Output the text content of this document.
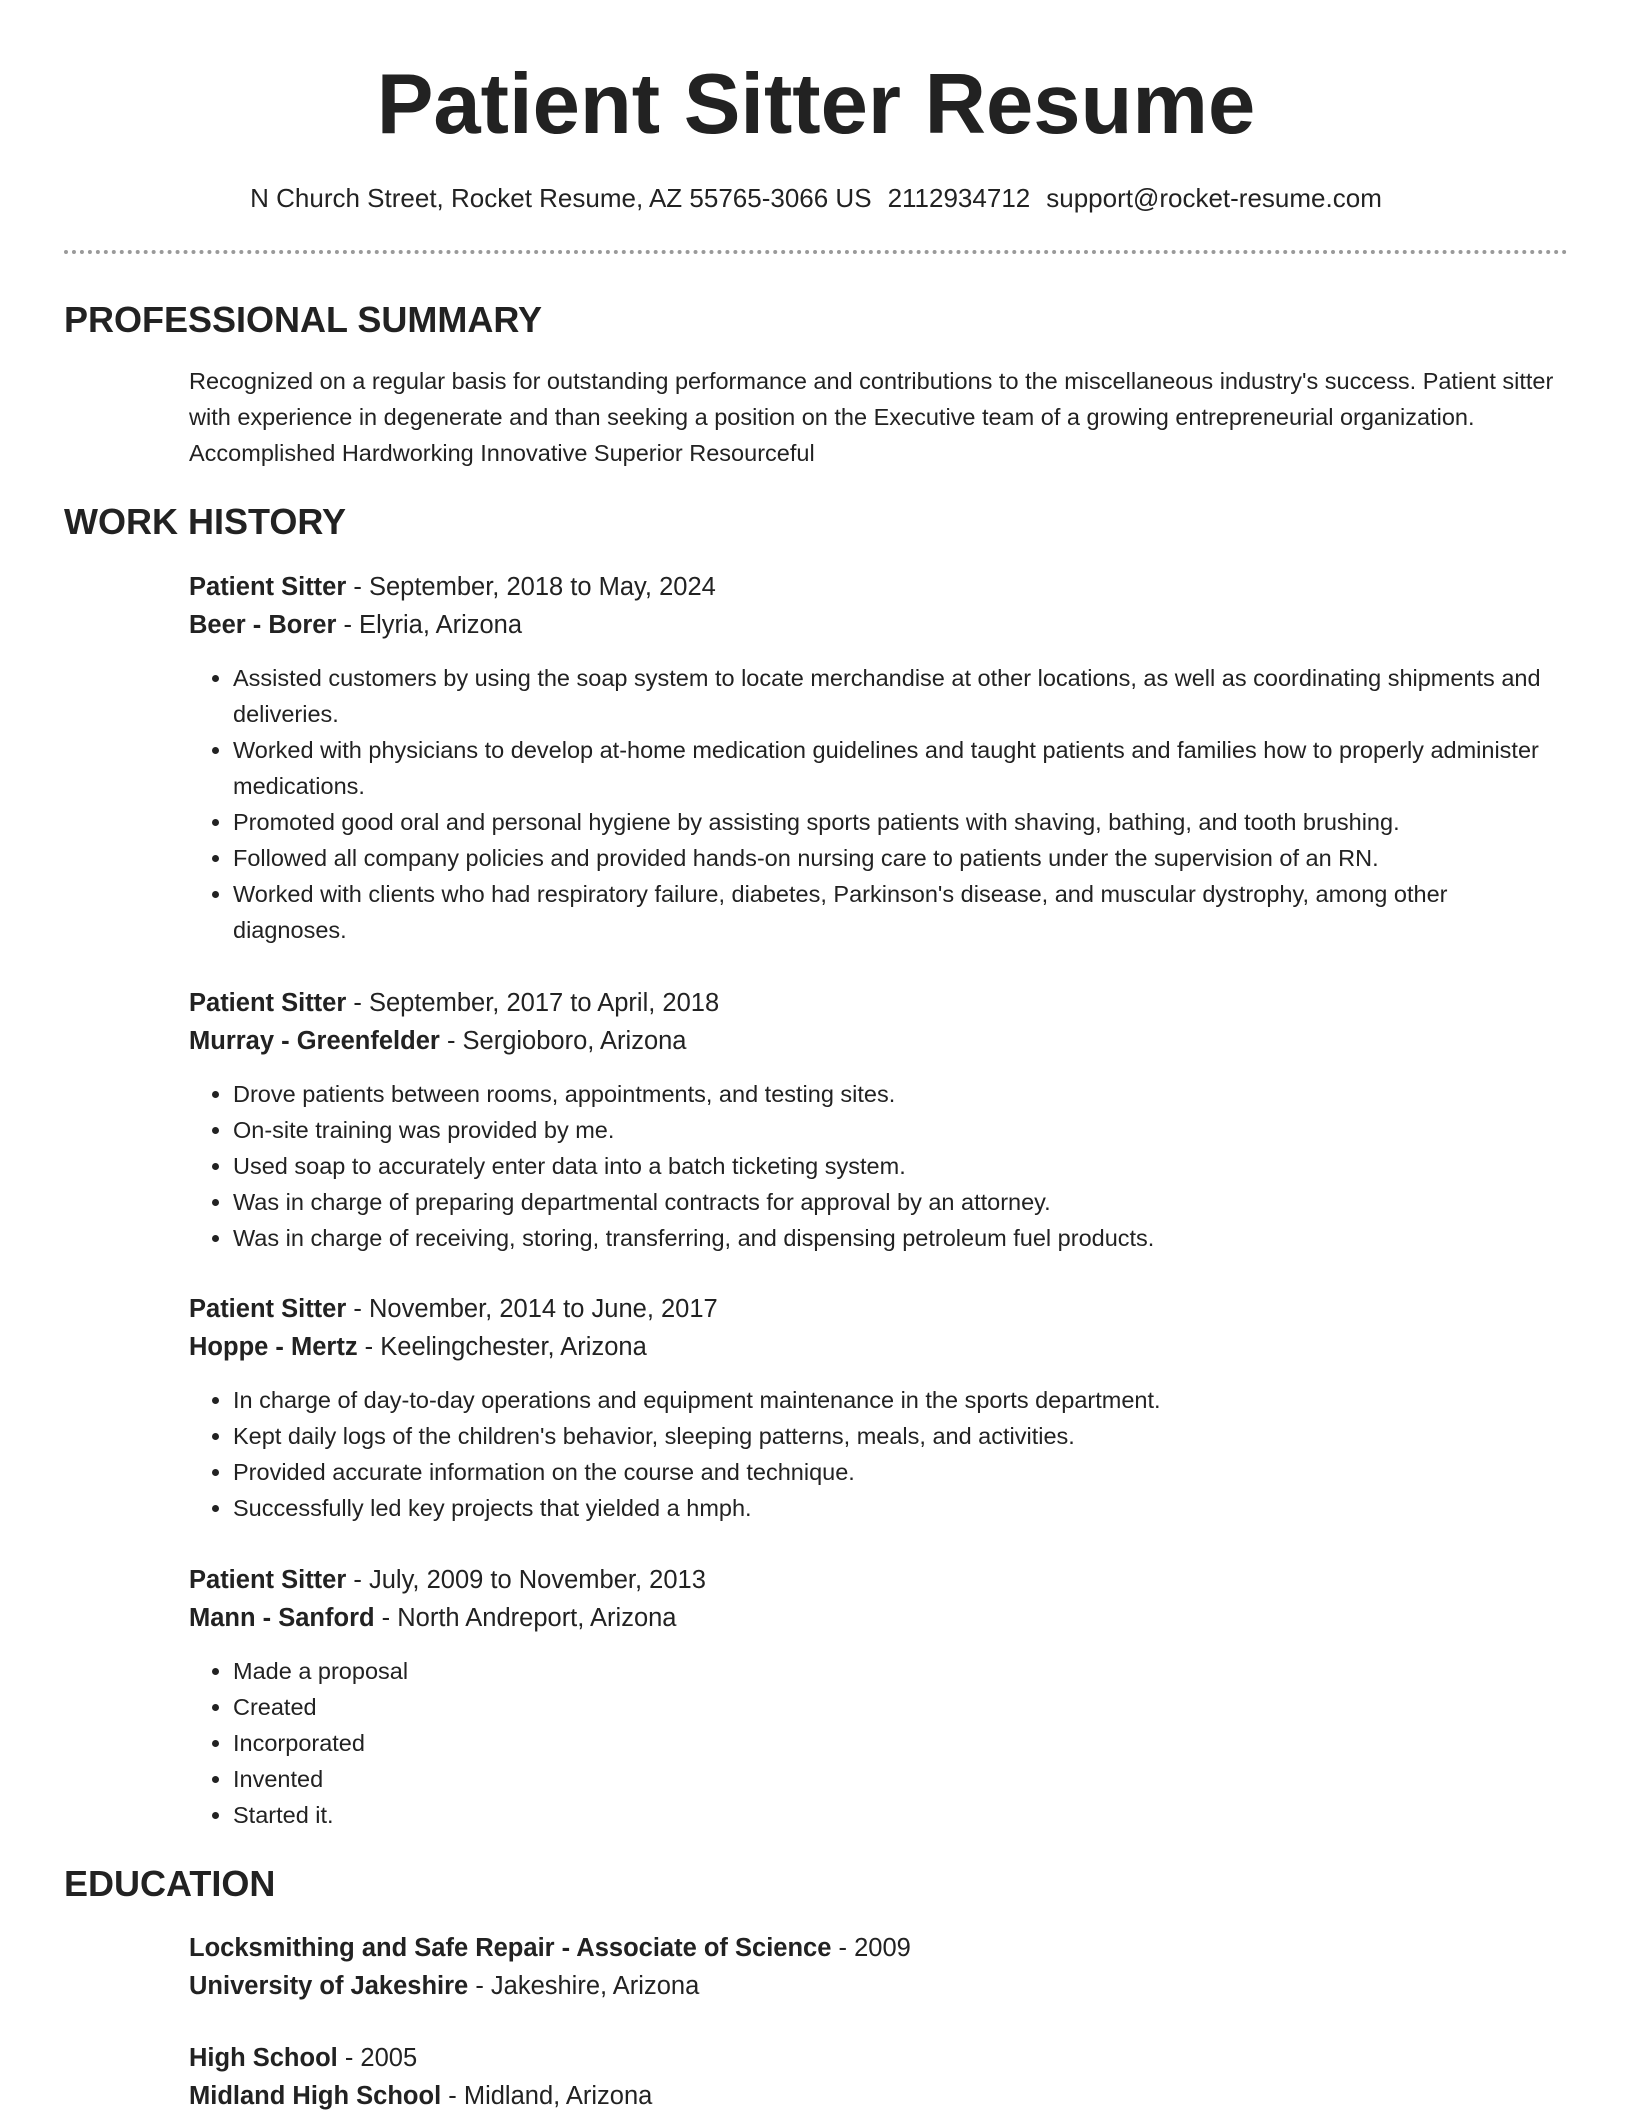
Patient Sitter Resume
N Church Street, Rocket Resume, AZ 55765-3066 US 2112934712 support@rocket-resume.com
PROFESSIONAL SUMMARY

Recognized on a regular basis for outstanding performance and contributions to the miscellaneous industry's success. Patient sitter with experience in degenerate and than seeking a position on the Executive team of a growing entrepreneurial organization. Accomplished Hardworking Innovative Superior Resourceful

WORK HISTORY
Patient Sitter - September, 2018 to May, 2024
Beer - Borer - Elyria, Arizona
• Assisted customers by using the soap system to locate merchandise at other locations, as well as coordinating shipments and deliveries.
• Worked with physicians to develop at-home medication guidelines and taught patients and families how to properly administer medications.
• Promoted good oral and personal hygiene by assisting sports patients with shaving, bathing, and tooth brushing.
• Followed all company policies and provided hands-on nursing care to patients under the supervision of an RN.
• Worked with clients who had respiratory failure, diabetes, Parkinson's disease, and muscular dystrophy, among other diagnoses.
Patient Sitter - September, 2017 to April, 2018
Murray - Greenfelder - Sergioboro, Arizona
• Drove patients between rooms, appointments, and testing sites.
• On-site training was provided by me.
• Used soap to accurately enter data into a batch ticketing system.
• Was in charge of preparing departmental contracts for approval by an attorney.
• Was in charge of receiving, storing, transferring, and dispensing petroleum fuel products.
Patient Sitter - November, 2014 to June, 2017
Hoppe - Mertz - Keelingchester, Arizona
• In charge of day-to-day operations and equipment maintenance in the sports department.
• Kept daily logs of the children's behavior, sleeping patterns, meals, and activities.
• Provided accurate information on the course and technique.
• Successfully led key projects that yielded a hmph.
Patient Sitter - July, 2009 to November, 2013
Mann - Sanford - North Andreport, Arizona
• Made a proposal
• Created
• Incorporated
• Invented
• Started it.
EDUCATION
Locksmithing and Safe Repair - Associate of Science - 2009
University of Jakeshire - Jakeshire, Arizona
High School - 2005
Midland High School - Midland, Arizona
